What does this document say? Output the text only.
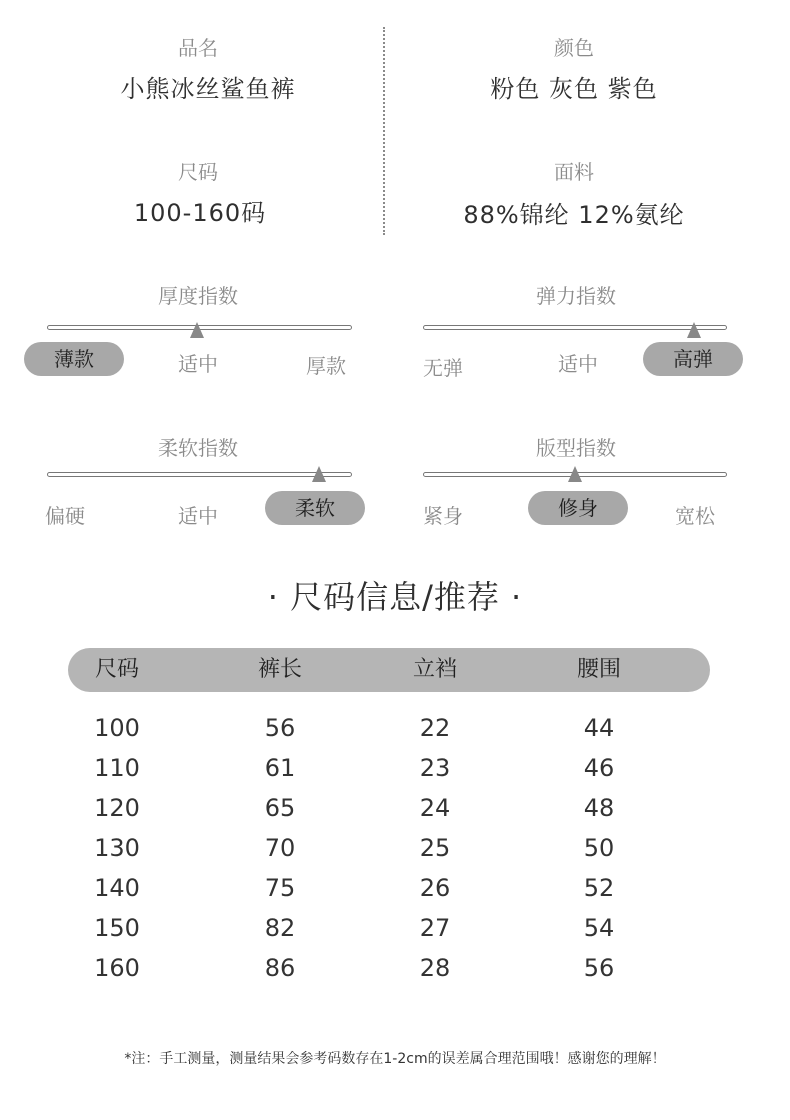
品名
小熊冰丝鲨鱼裤
颜色
粉色 灰色 紫色
尺码
100-160码
面料
88%锦纶 12%氨纶
厚度指数
薄款	适中	厚款
弹力指数
无弹	适中	高弹
柔软指数
偏硬	适中	柔软
版型指数
紧身	修身	宽松
· 尺码信息/推荐 ·
尺码	裤长	立裆	腰围
100	56	22	44
110	61	23	46
120	65	24	48
130	70	25	50
140	75	26	52
150	82	27	54
160	86	28	56
*注：手工测量，测量结果会参考码数存在1-2cm的误差属合理范围哦！感谢您的理解！
